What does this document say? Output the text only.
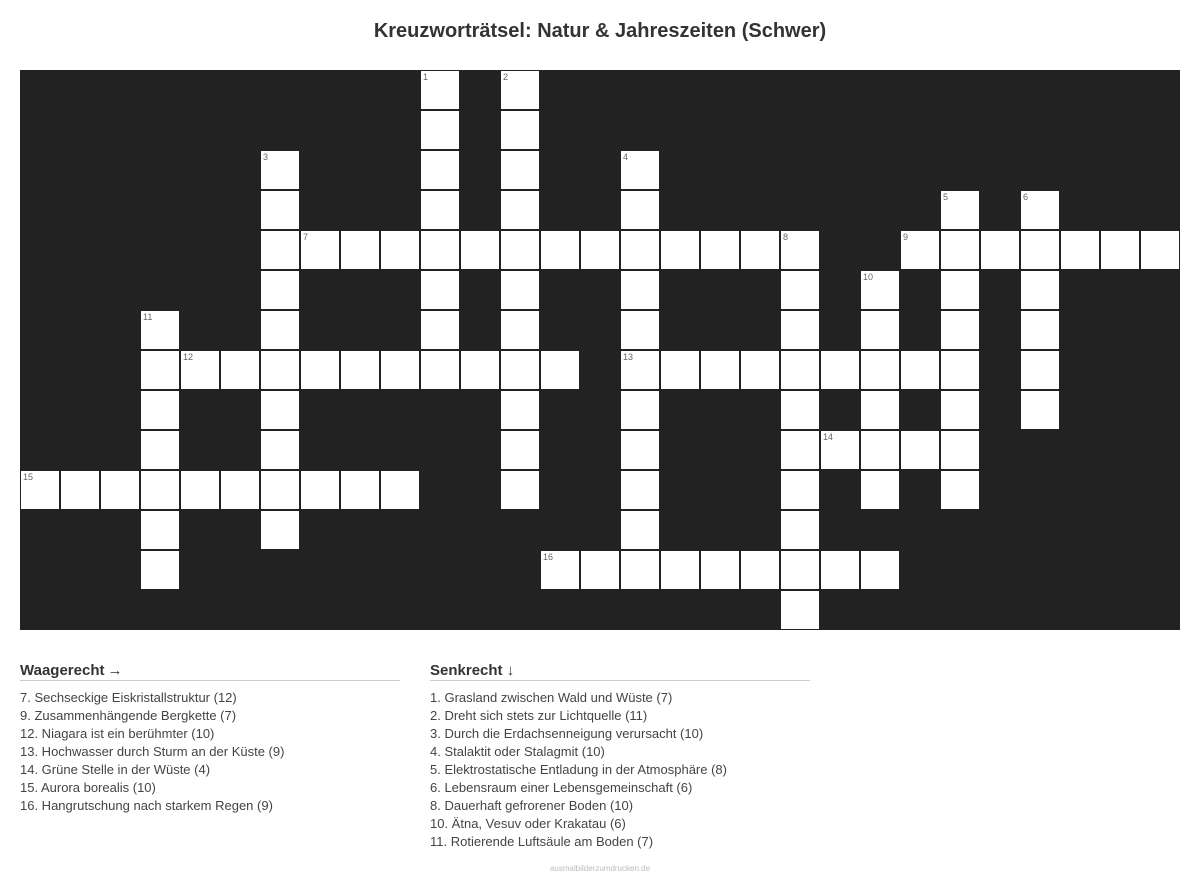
Kreuzworträtsel: Natur & Jahreszeiten (Schwer)
1	2
3	4
13
5	6
7	8	9
10
11
12
14
15
16
Waagerecht →
7. Sechseckige Eiskristallstruktur (12)
9. Zusammenhängende Bergkette (7)
12. Niagara ist ein berühmter (10)
13. Hochwasser durch Sturm an der Küste (9)
14. Grüne Stelle in der Wüste (4)
15. Aurora borealis (10)
16. Hangrutschung nach starkem Regen (9)
Senkrecht ↓
1. Grasland zwischen Wald und Wüste (7)
2. Dreht sich stets zur Lichtquelle (11)
3. Durch die Erdachsenneigung verursacht (10)
4. Stalaktit oder Stalagmit (10)
5. Elektrostatische Entladung in der Atmosphäre (8)
6. Lebensraum einer Lebensgemeinschaft (6)
8. Dauerhaft gefrorener Boden (10)
10. Ätna, Vesuv oder Krakatau (6)
11. Rotierende Luftsäule am Boden (7)
ausmalbilderzumdrucken.de
